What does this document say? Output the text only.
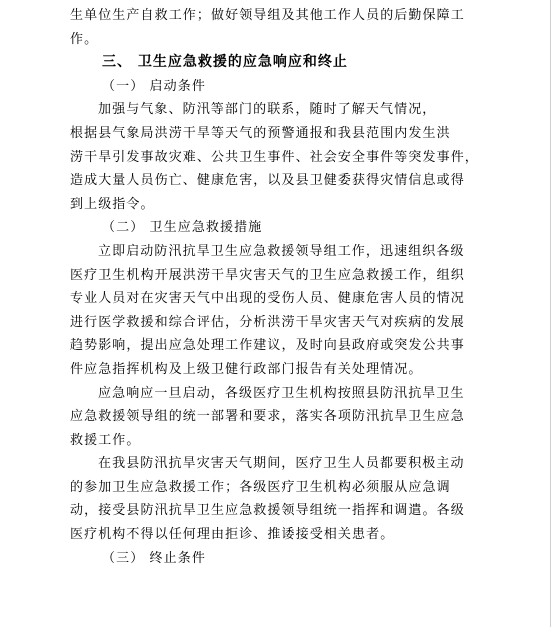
生单位生产自救工作；做好领导组及其他工作人员的后勤保障工
作。
三、 卫生应急救援的应急响应和终止
（一） 启动条件
加强与气象、防汛等部门的联系，随时了解天气情况，
根据县气象局洪涝干旱等天气的预警通报和我县范围内发生洪
涝干旱引发事故灾难、公共卫生事件、社会安全事件等突发事件，
造成大量人员伤亡、健康危害，以及县卫健委获得灾情信息或得
到上级指令。
（二） 卫生应急救援措施
立即启动防汛抗旱卫生应急救援领导组工作，迅速组织各级
医疗卫生机构开展洪涝干旱灾害天气的卫生应急救援工作，组织
专业人员对在灾害天气中出现的受伤人员、健康危害人员的情况
进行医学救援和综合评估，分析洪涝干旱灾害天气对疾病的发展
趋势影响，提出应急处理工作建议，及时向县政府或突发公共事
件应急指挥机构及上级卫健行政部门报告有关处理情况。
应急响应一旦启动，各级医疗卫生机构按照县防汛抗旱卫生
应急救援领导组的统一部署和要求，落实各项防汛抗旱卫生应急
救援工作。
在我县防汛抗旱灾害天气期间，医疗卫生人员都要积极主动
的参加卫生应急救援工作；各级医疗卫生机构必须服从应急调
动，接受县防汛抗旱卫生应急救援领导组统一指挥和调遣。各级
医疗机构不得以任何理由拒诊、推诿接受相关患者。
（三） 终止条件
